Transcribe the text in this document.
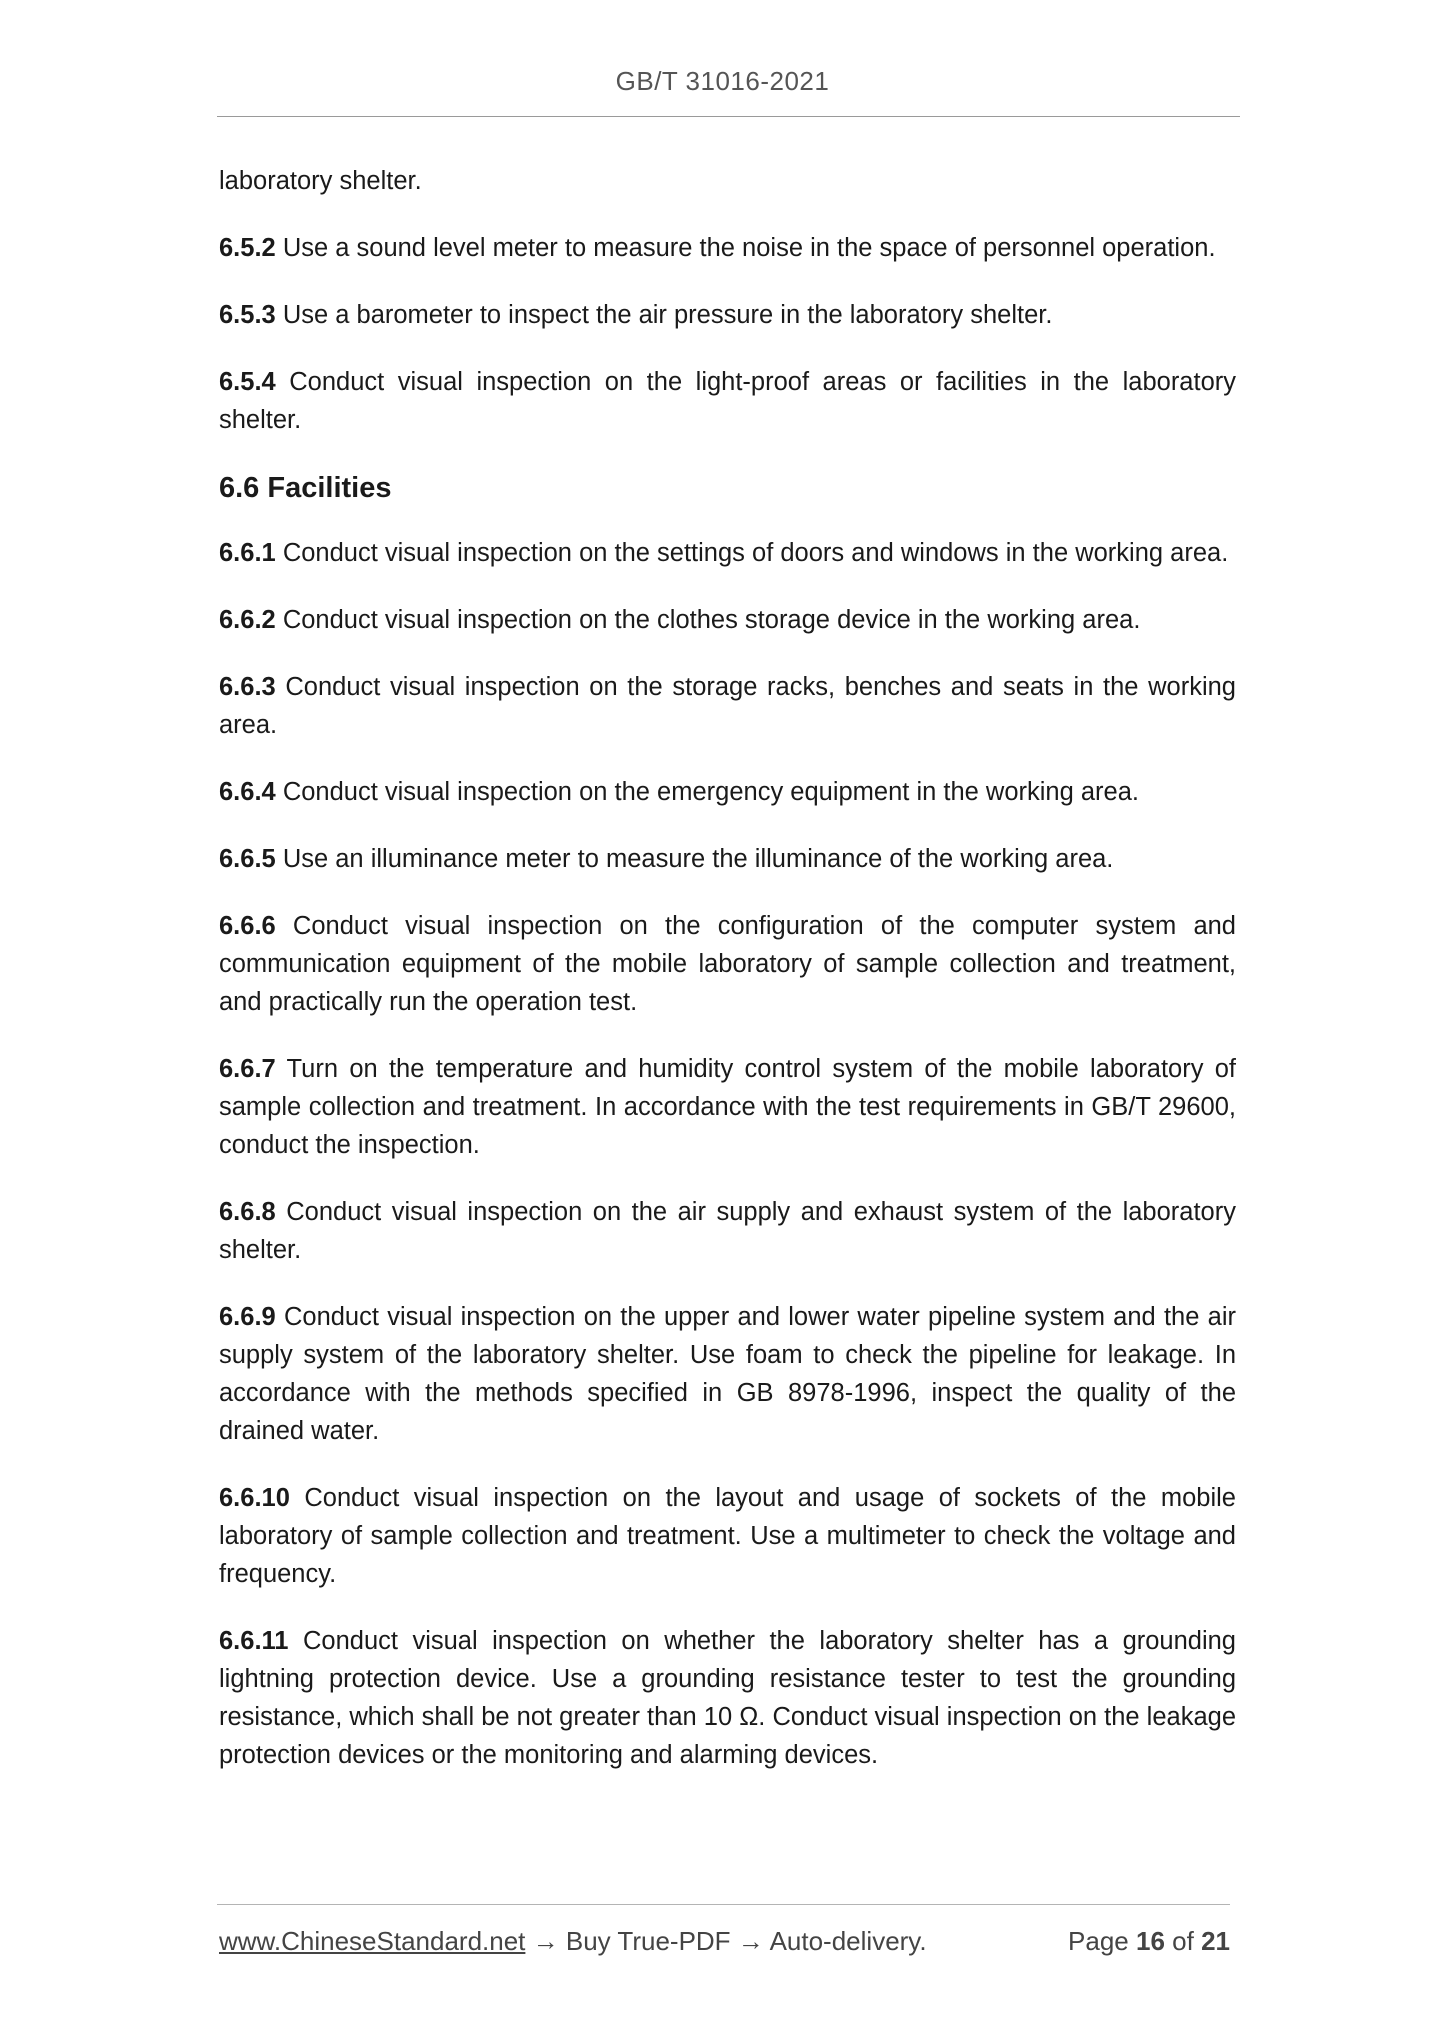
GB/T 31016-2021

laboratory shelter.

6.5.2 Use a sound level meter to measure the noise in the space of personnel operation.

6.5.3 Use a barometer to inspect the air pressure in the laboratory shelter.

6.5.4 Conduct visual inspection on the light-proof areas or facilities in the laboratory shelter.

6.6 Facilities

6.6.1 Conduct visual inspection on the settings of doors and windows in the working area.

6.6.2 Conduct visual inspection on the clothes storage device in the working area.

6.6.3 Conduct visual inspection on the storage racks, benches and seats in the working area.

6.6.4 Conduct visual inspection on the emergency equipment in the working area.

6.6.5 Use an illuminance meter to measure the illuminance of the working area.

6.6.6 Conduct visual inspection on the configuration of the computer system and communication equipment of the mobile laboratory of sample collection and treatment, and practically run the operation test.

6.6.7 Turn on the temperature and humidity control system of the mobile laboratory of sample collection and treatment. In accordance with the test requirements in GB/T 29600, conduct the inspection.

6.6.8 Conduct visual inspection on the air supply and exhaust system of the laboratory shelter.

6.6.9 Conduct visual inspection on the upper and lower water pipeline system and the air supply system of the laboratory shelter. Use foam to check the pipeline for leakage. In accordance with the methods specified in GB 8978-1996, inspect the quality of the drained water.

6.6.10 Conduct visual inspection on the layout and usage of sockets of the mobile laboratory of sample collection and treatment. Use a multimeter to check the voltage and frequency.

6.6.11 Conduct visual inspection on whether the laboratory shelter has a grounding lightning protection device. Use a grounding resistance tester to test the grounding resistance, which shall be not greater than 10 Ω. Conduct visual inspection on the leakage protection devices or the monitoring and alarming devices.

www.ChineseStandard.net → Buy True-PDF → Auto-delivery.	Page 16 of 21
